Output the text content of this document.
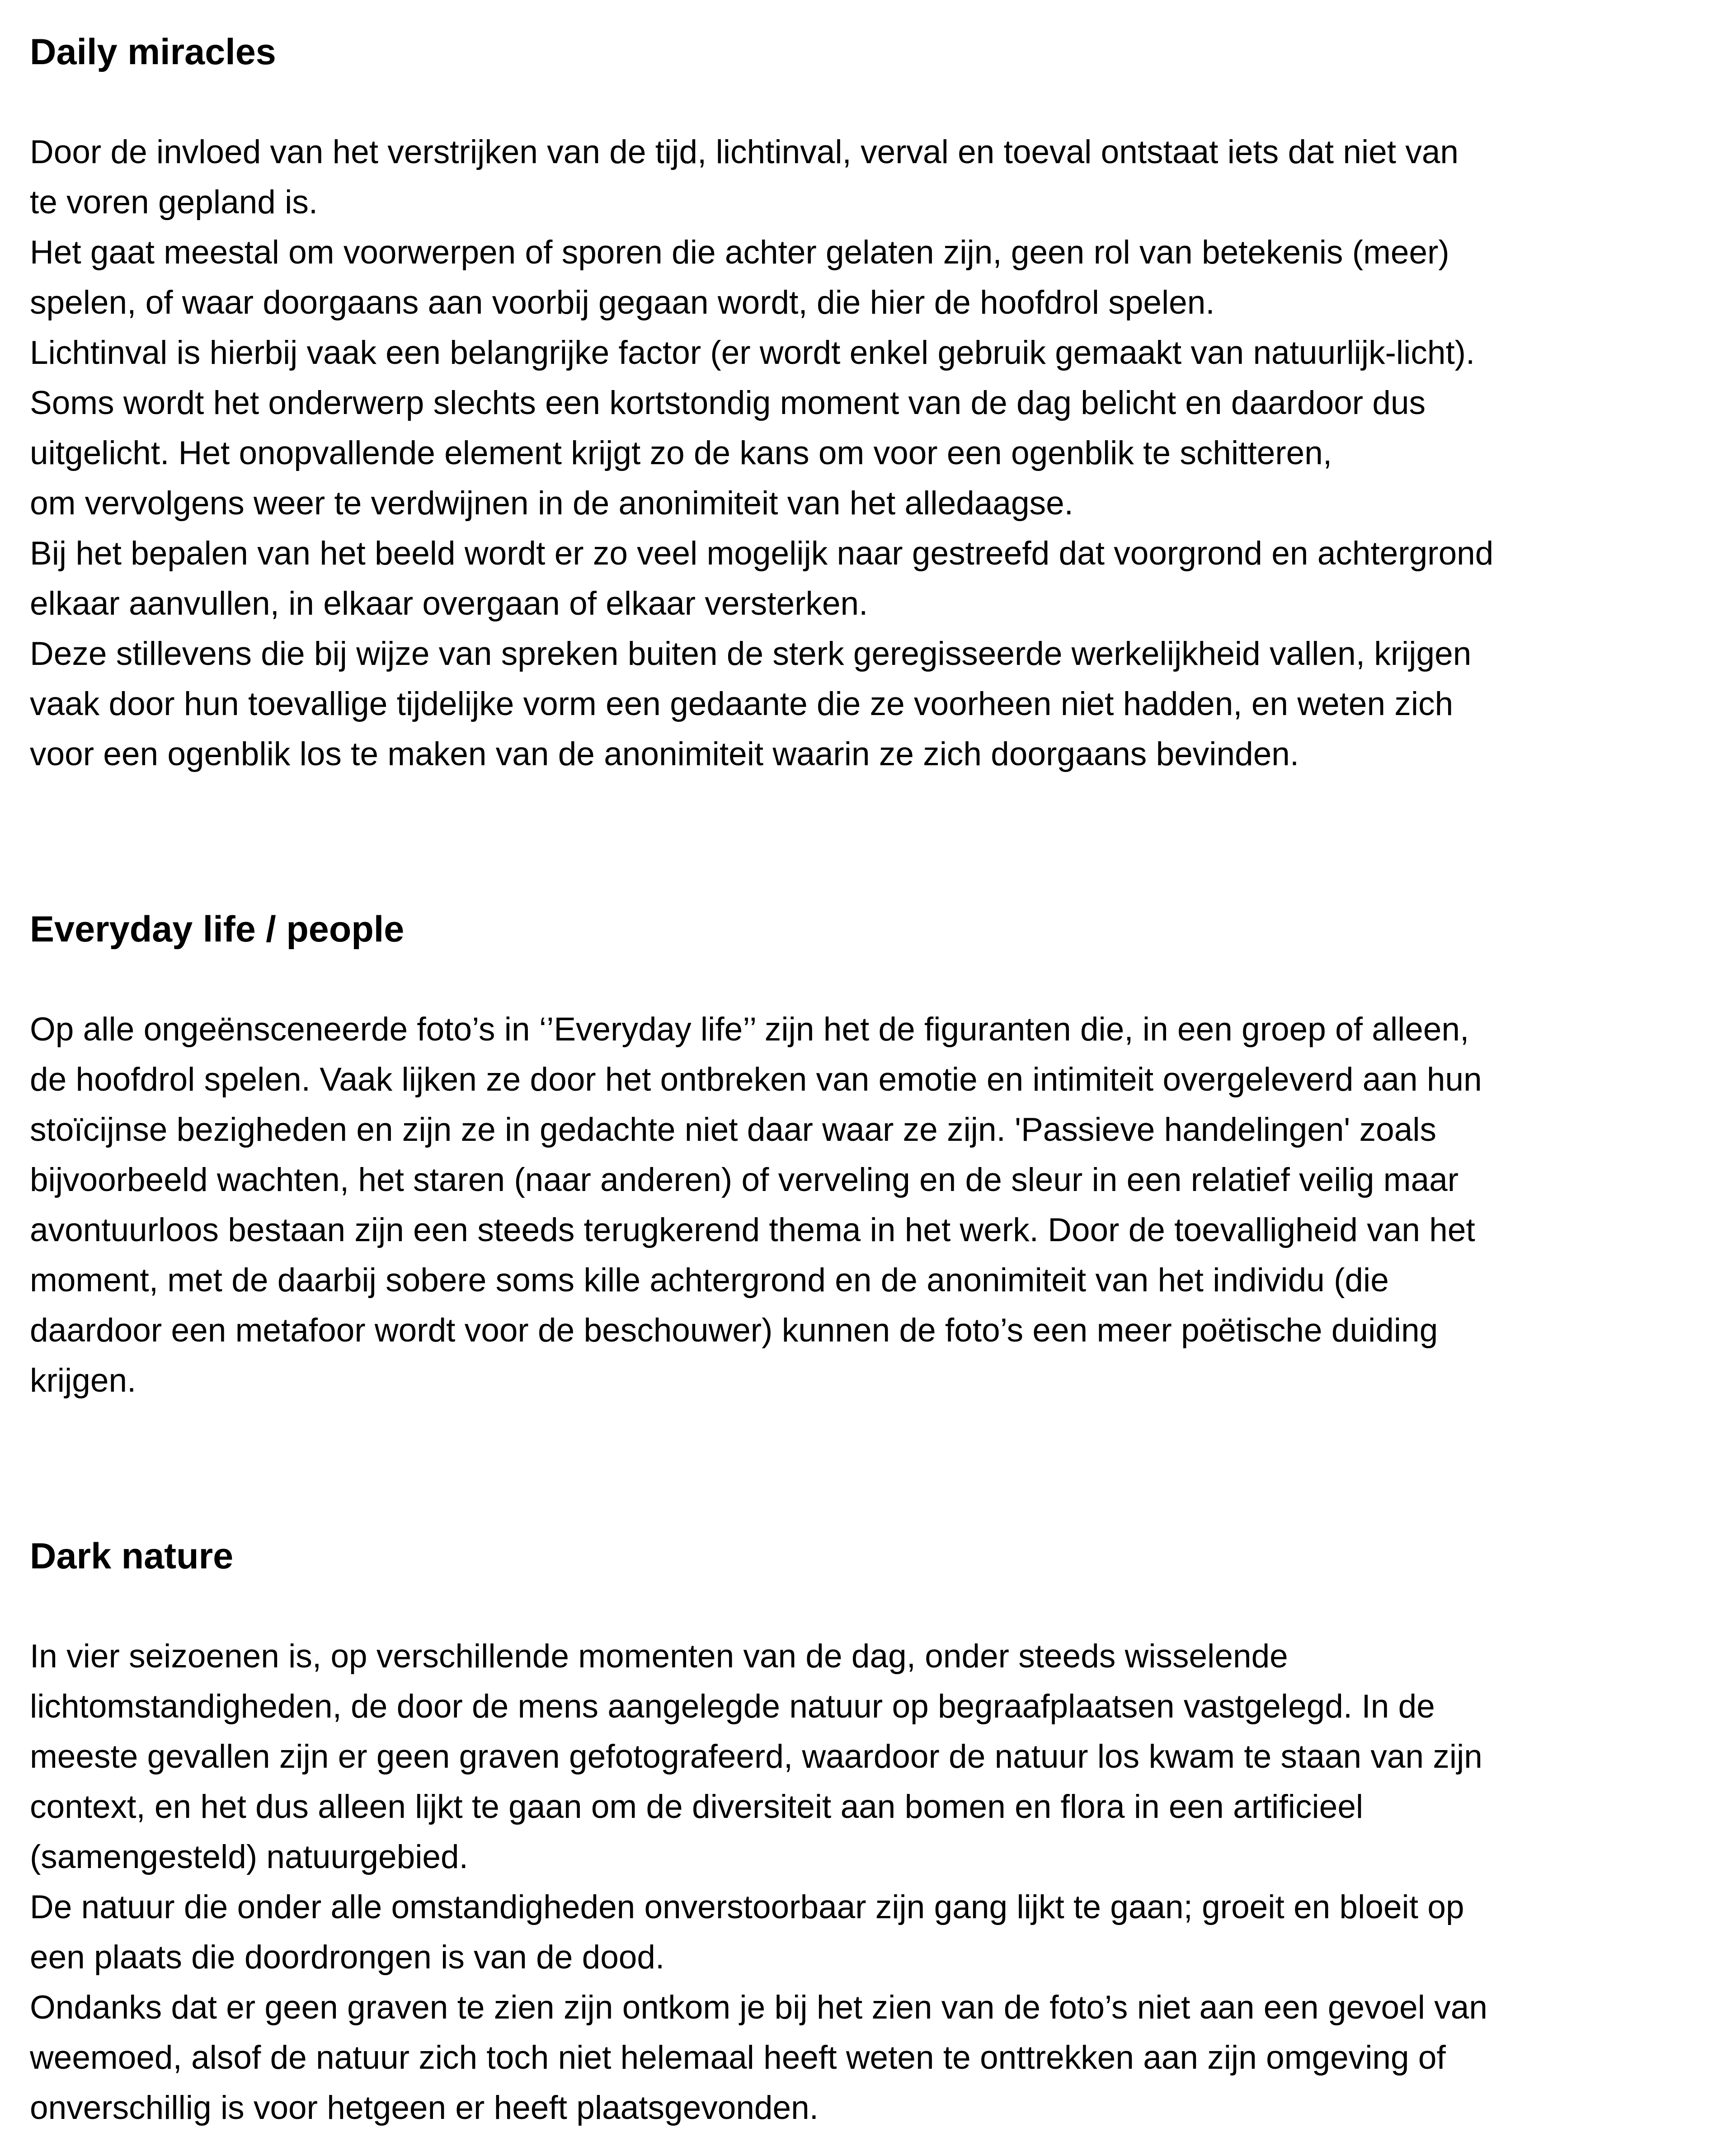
Daily miracles

Door de invloed van het verstrijken van de tijd, lichtinval, verval en toeval ontstaat iets dat niet van
te voren gepland is.
Het gaat meestal om voorwerpen of sporen die achter gelaten zijn, geen rol van betekenis (meer)
spelen, of waar doorgaans aan voorbij gegaan wordt, die hier de hoofdrol spelen.
Lichtinval is hierbij vaak een belangrijke factor (er wordt enkel gebruik gemaakt van natuurlijk-licht).
Soms wordt het onderwerp slechts een kortstondig moment van de dag belicht en daardoor dus
uitgelicht. Het onopvallende element krijgt zo de kans om voor een ogenblik te schitteren,
om vervolgens weer te verdwijnen in de anonimiteit van het alledaagse.
Bij het bepalen van het beeld wordt er zo veel mogelijk naar gestreefd dat voorgrond en achtergrond
elkaar aanvullen, in elkaar overgaan of elkaar versterken.
Deze stillevens die bij wijze van spreken buiten de sterk geregisseerde werkelijkheid vallen, krijgen
vaak door hun toevallige tijdelijke vorm een gedaante die ze voorheen niet hadden, en weten zich
voor een ogenblik los te maken van de anonimiteit waarin ze zich doorgaans bevinden.

Everyday life / people

Op alle ongeënsceneerde foto’s in ‘’Everyday life’’ zijn het de figuranten die, in een groep of alleen,
de hoofdrol spelen. Vaak lijken ze door het ontbreken van emotie en intimiteit overgeleverd aan hun
stoïcijnse bezigheden en zijn ze in gedachte niet daar waar ze zijn. 'Passieve handelingen' zoals
bijvoorbeeld wachten, het staren (naar anderen) of verveling en de sleur in een relatief veilig maar
avontuurloos bestaan zijn een steeds terugkerend thema in het werk. Door de toevalligheid van het
moment, met de daarbij sobere soms kille achtergrond en de anonimiteit van het individu (die
daardoor een metafoor wordt voor de beschouwer) kunnen de foto’s een meer poëtische duiding
krijgen.

Dark nature

In vier seizoenen is, op verschillende momenten van de dag, onder steeds wisselende
lichtomstandigheden, de door de mens aangelegde natuur op begraafplaatsen vastgelegd. In de
meeste gevallen zijn er geen graven gefotografeerd, waardoor de natuur los kwam te staan van zijn
context, en het dus alleen lijkt te gaan om de diversiteit aan bomen en flora in een artificieel
(samengesteld) natuurgebied.
De natuur die onder alle omstandigheden onverstoorbaar zijn gang lijkt te gaan; groeit en bloeit op
een plaats die doordrongen is van de dood.
Ondanks dat er geen graven te zien zijn ontkom je bij het zien van de foto’s niet aan een gevoel van
weemoed, alsof de natuur zich toch niet helemaal heeft weten te onttrekken aan zijn omgeving of
onverschillig is voor hetgeen er heeft plaatsgevonden.
